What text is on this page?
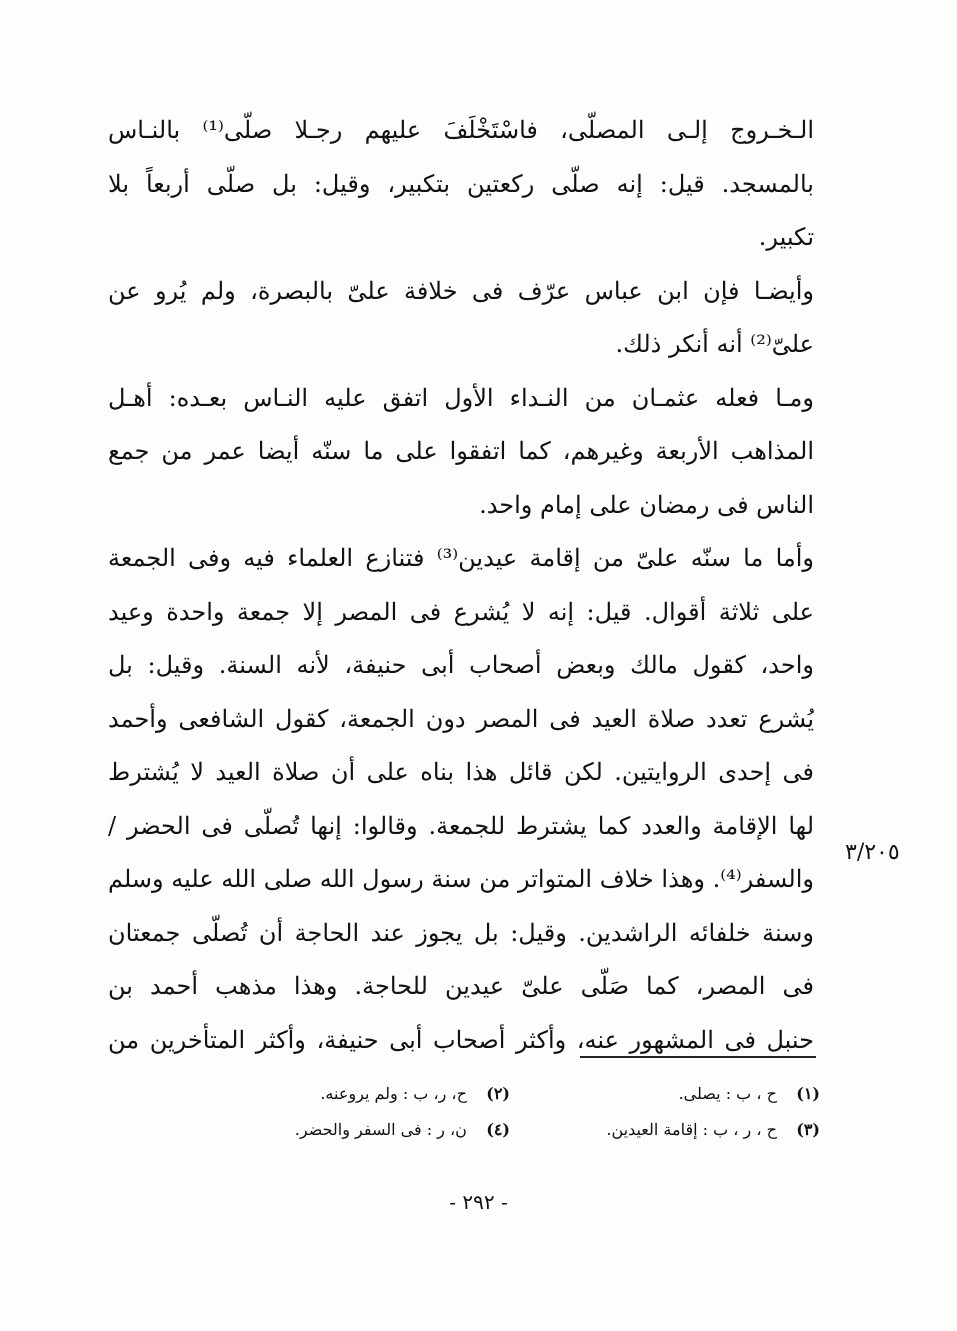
الـخـروج إلـى المصلّى، فاسْتَخْلَفَ عليهم رجـلا صلّى⁽¹⁾ بالنـاس
بالمسجد. قيل: إنه صلّى ركعتين بتكبير، وقيل: بل صلّى أربعاً بلا
تكبير.
وأيضـا فإن ابن عباس عرّف فى خلافة علىّ بالبصرة، ولم يُرو عن
علىّ⁽²⁾ أنه أنكر ذلك.
ومـا فعله عثمـان من النـداء الأول اتفق عليه النـاس بعـده: أهـل
المذاهب الأربعة وغيرهم، كما اتفقوا على ما سنّه أيضا عمر من جمع
الناس فى رمضان على إمام واحد.
وأما ما سنّه علىّ من إقامة عيدين⁽³⁾ فتنازع العلماء فيه وفى الجمعة
على ثلاثة أقوال. قيل: إنه لا يُشرع فى المصر إلا جمعة واحدة وعيد
واحد، كقول مالك وبعض أصحاب أبى حنيفة، لأنه السنة. وقيل: بل
يُشرع تعدد صلاة العيد فى المصر دون الجمعة، كقول الشافعى وأحمد
فى إحدى الروايتين. لكن قائل هذا بناه على أن صلاة العيد لا يُشترط
لها الإقامة والعدد كما يشترط للجمعة. وقالوا: إنها تُصلّى فى الحضر /
والسفر⁽⁴⁾. وهذا خلاف المتواتر من سنة رسول الله صلى الله عليه وسلم
وسنة خلفائه الراشدين. وقيل: بل يجوز عند الحاجة أن تُصلّى جمعتان
فى المصر، كما صَلّى علىّ عيدين للحاجة. وهذا مذهب أحمد بن
حنبل فى المشهور عنه، وأكثر أصحاب أبى حنيفة، وأكثر المتأخرين من
٣/٢٠٥
(١) ح ، ب : يصلى.
(٢) ح، ر، ب : ولم يروعنه.
(٣) ح ، ر ، ب : إقامة العيدين.
(٤) ن، ر : فى السفر والحضر.
- ٢٩٢ -
